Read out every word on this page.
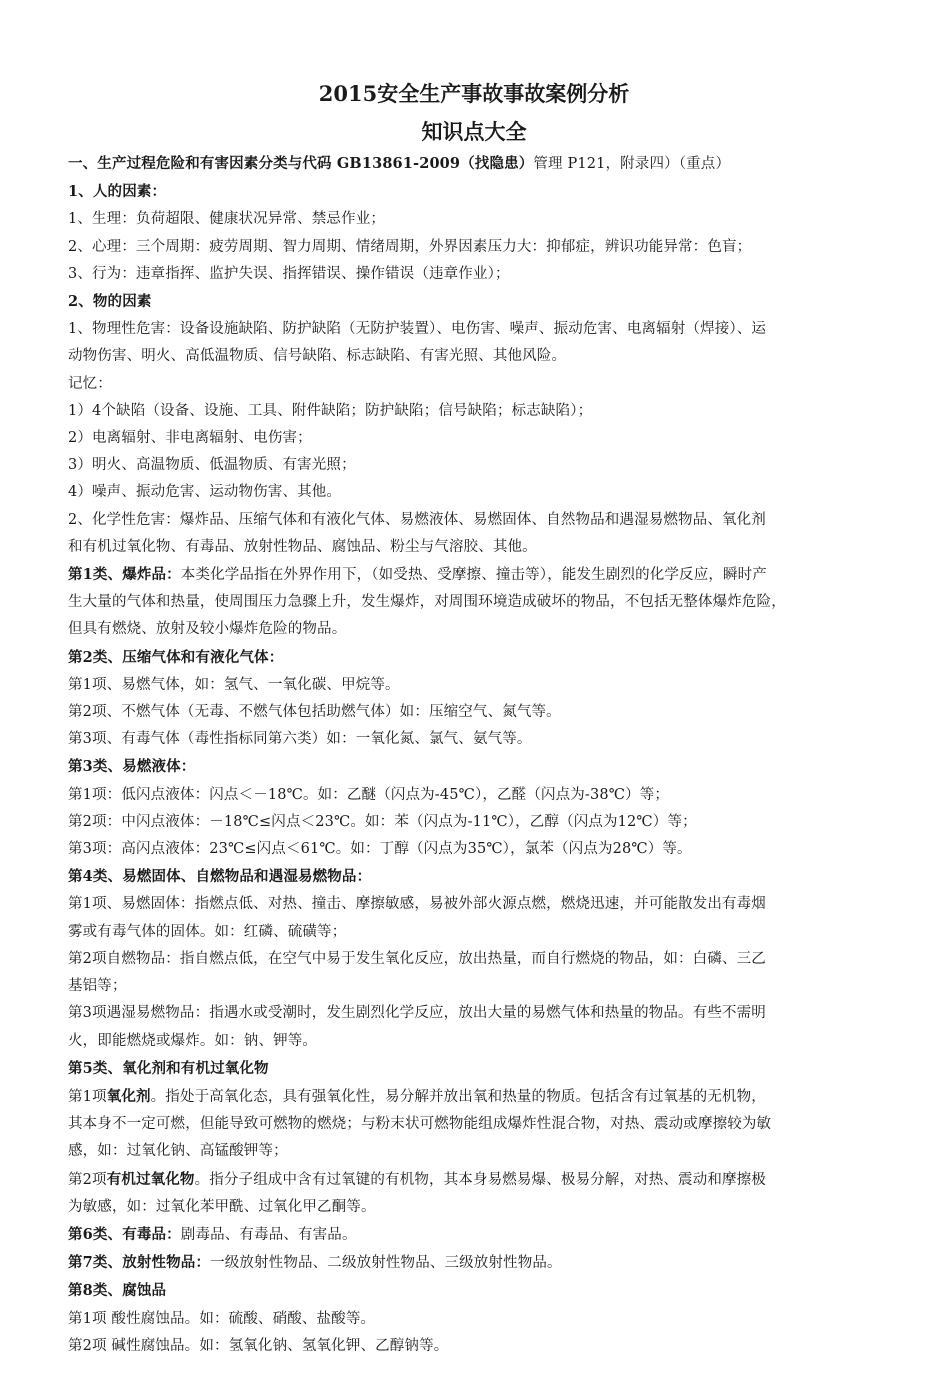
2015安全生产事故事故案例分析
知识点大全

一、生产过程危险和有害因素分类与代码 GB13861-2009（找隐患）管理 P121，附录四）（重点）

1、人的因素：

1、生理：负荷超限、健康状况异常、禁忌作业；

2、心理：三个周期：疲劳周期、智力周期、情绪周期，外界因素压力大：抑郁症，辨识功能异常：色盲；

3、行为：违章指挥、监护失误、指挥错误、操作错误（违章作业）；

2、物的因素

1、物理性危害：设备设施缺陷、防护缺陷（无防护装置）、电伤害、噪声、振动危害、电离辐射（焊接）、运

动物伤害、明火、高低温物质、信号缺陷、标志缺陷、有害光照、其他风险。

记忆：

1）4个缺陷（设备、设施、工具、附件缺陷；防护缺陷；信号缺陷；标志缺陷）；

2）电离辐射、非电离辐射、电伤害；

3）明火、高温物质、低温物质、有害光照；

4）噪声、振动危害、运动物伤害、其他。

2、化学性危害：爆炸品、压缩气体和有液化气体、易燃液体、易燃固体、自然物品和遇湿易燃物品、氧化剂

和有机过氧化物、有毒品、放射性物品、腐蚀品、粉尘与气溶胶、其他。

第1类、爆炸品：本类化学品指在外界作用下，（如受热、受摩擦、撞击等），能发生剧烈的化学反应，瞬时产

生大量的气体和热量，使周围压力急骤上升，发生爆炸，对周围环境造成破坏的物品，不包括无整体爆炸危险，

但具有燃烧、放射及较小爆炸危险的物品。

第2类、压缩气体和有液化气体：

第1项、易燃气体，如：氢气、一氧化碳、甲烷等。

第2项、不燃气体（无毒、不燃气体包括助燃气体）如：压缩空气、氮气等。

第3项、有毒气体（毒性指标同第六类）如：一氧化氮、氯气、氨气等。

第3类、易燃液体：

第1项：低闪点液体：闪点＜－18℃。如：乙醚（闪点为-45℃），乙醛（闪点为-38℃）等；

第2项：中闪点液体：－18℃≤闪点＜23℃。如：苯（闪点为-11℃），乙醇（闪点为12℃）等；

第3项：高闪点液体：23℃≤闪点＜61℃。如：丁醇（闪点为35℃），氯苯（闪点为28℃）等。

第4类、易燃固体、自燃物品和遇湿易燃物品：

第1项、易燃固体：指燃点低、对热、撞击、摩擦敏感，易被外部火源点燃，燃烧迅速，并可能散发出有毒烟

雾或有毒气体的固体。如：红磷、硫磺等；

第2项自燃物品：指自燃点低，在空气中易于发生氧化反应，放出热量，而自行燃烧的物品，如：白磷、三乙

基铝等；

第3项遇湿易燃物品：指遇水或受潮时，发生剧烈化学反应，放出大量的易燃气体和热量的物品。有些不需明

火，即能燃烧或爆炸。如：钠、钾等。

第5类、氧化剂和有机过氧化物

第1项氧化剂。指处于高氧化态，具有强氧化性，易分解并放出氧和热量的物质。包括含有过氧基的无机物，

其本身不一定可燃，但能导致可燃物的燃烧；与粉末状可燃物能组成爆炸性混合物，对热、震动或摩擦较为敏

感，如：过氧化钠、高锰酸钾等；

第2项有机过氧化物。指分子组成中含有过氧键的有机物，其本身易燃易爆、极易分解，对热、震动和摩擦极

为敏感，如：过氧化苯甲酰、过氧化甲乙酮等。

第6类、有毒品：剧毒品、有毒品、有害品。

第7类、放射性物品：一级放射性物品、二级放射性物品、三级放射性物品。

第8类、腐蚀品

第1项 酸性腐蚀品。如：硫酸、硝酸、盐酸等。

第2项 碱性腐蚀品。如：氢氧化钠、氢氧化钾、乙醇钠等。
